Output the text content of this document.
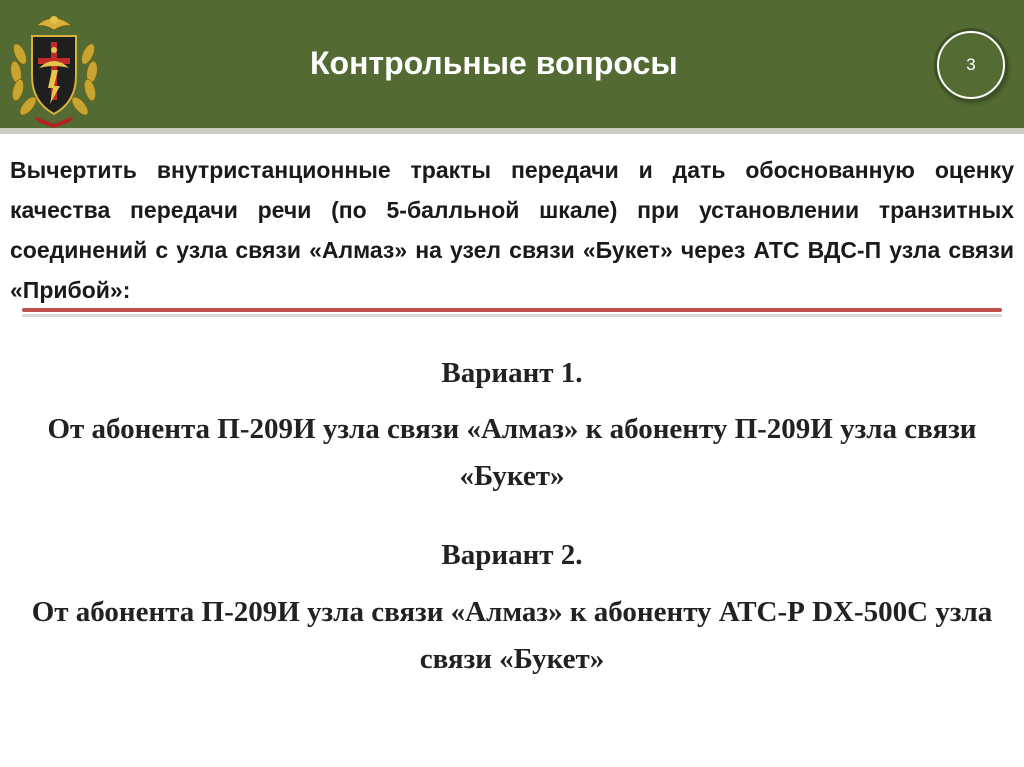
Контрольные вопросы	3
Вычертить внутристанционные тракты передачи и дать обоснованную оценку качества передачи речи (по 5-балльной шкале) при установлении транзитных соединений с узла связи «Алмаз» на узел связи «Букет» через АТС ВДС-П узла связи «Прибой»:
Вариант 1.
От абонента П-209И узла связи «Алмаз» к абоненту П-209И узла связи «Букет»
Вариант 2.
От абонента П-209И узла связи «Алмаз» к абоненту АТС-Р DX-500С узла связи «Букет»
